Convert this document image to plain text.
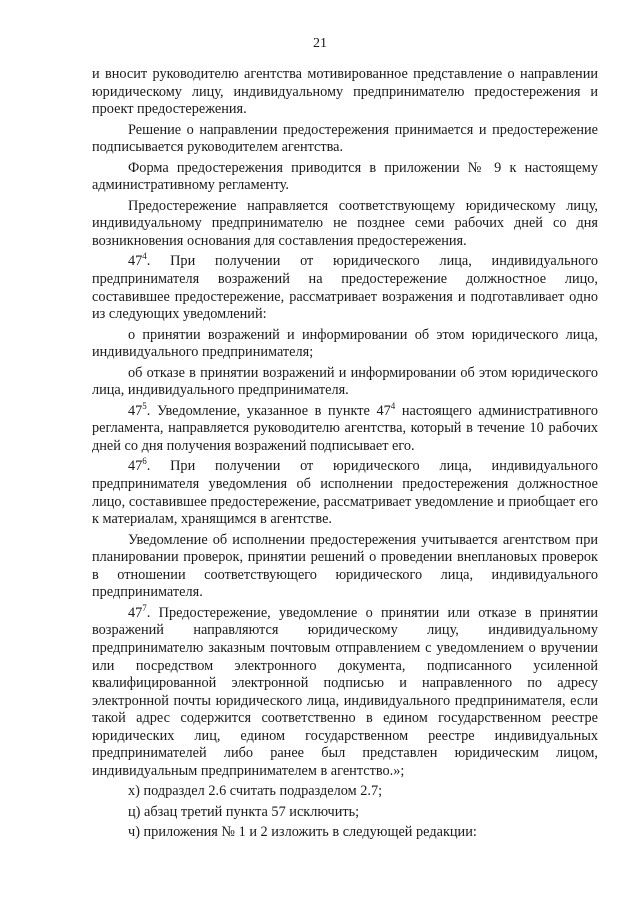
21

и вносит руководителю агентства мотивированное представление о направлении юридическому лицу, индивидуальному предпринимателю предостережения и проект предостережения.

Решение о направлении предостережения принимается и предостережение подписывается руководителем агентства.

Форма предостережения приводится в приложении № 9 к настоящему административному регламенту.

Предостережение направляется соответствующему юридическому лицу, индивидуальному предпринимателю не позднее семи рабочих дней со дня возникновения основания для составления предостережения.

$47^4$. При получении от юридического лица, индивидуального предпринимателя возражений на предостережение должностное лицо, составившее предостережение, рассматривает возражения и подготавливает одно из следующих уведомлений:

о принятии возражений и информировании об этом юридического лица, индивидуального предпринимателя;

об отказе в принятии возражений и информировании об этом юридического лица, индивидуального предпринимателя.

$47^5$. Уведомление, указанное в пункте $47^4$ настоящего административного регламента, направляется руководителю агентства, который в течение 10 рабочих дней со дня получения возражений подписывает его.

$47^6$. При получении от юридического лица, индивидуального предпринимателя уведомления об исполнении предостережения должностное лицо, составившее предостережение, рассматривает уведомление и приобщает его к материалам, хранящимся в агентстве.

Уведомление об исполнении предостережения учитывается агентством при планировании проверок, принятии решений о проведении внеплановых проверок в отношении соответствующего юридического лица, индивидуального предпринимателя.

$47^7$. Предостережение, уведомление о принятии или отказе в принятии возражений направляются юридическому лицу, индивидуальному предпринимателю заказным почтовым отправлением с уведомлением о вручении или посредством электронного документа, подписанного усиленной квалифицированной электронной подписью и направленного по адресу электронной почты юридического лица, индивидуального предпринимателя, если такой адрес содержится соответственно в едином государственном реестре юридических лиц, едином государственном реестре индивидуальных предпринимателей либо ранее был представлен юридическим лицом, индивидуальным предпринимателем в агентство.»;

х) подраздел 2.6 считать подразделом 2.7;

ц) абзац третий пункта 57 исключить;

ч) приложения № 1 и 2 изложить в следующей редакции:
